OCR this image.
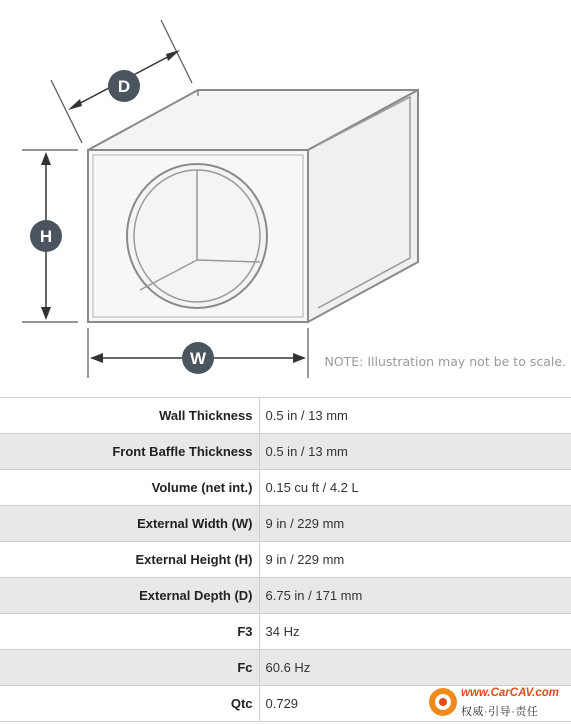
D
H
W	NOTE: Illustration may not be to scale.
Wall Thickness	0.5 in / 13 mm
Front Baffle Thickness	0.5 in / 13 mm
Volume (net int.)	0.15 cu ft / 4.2 L
External Width (W)	9 in / 229 mm
External Height (H)	9 in / 229 mm
External Depth (D)	6.75 in / 171 mm
F3	34 Hz
Fc	60.6 Hz
Qtc	0.729
www.CarCAV.com
权威·引导·责任
